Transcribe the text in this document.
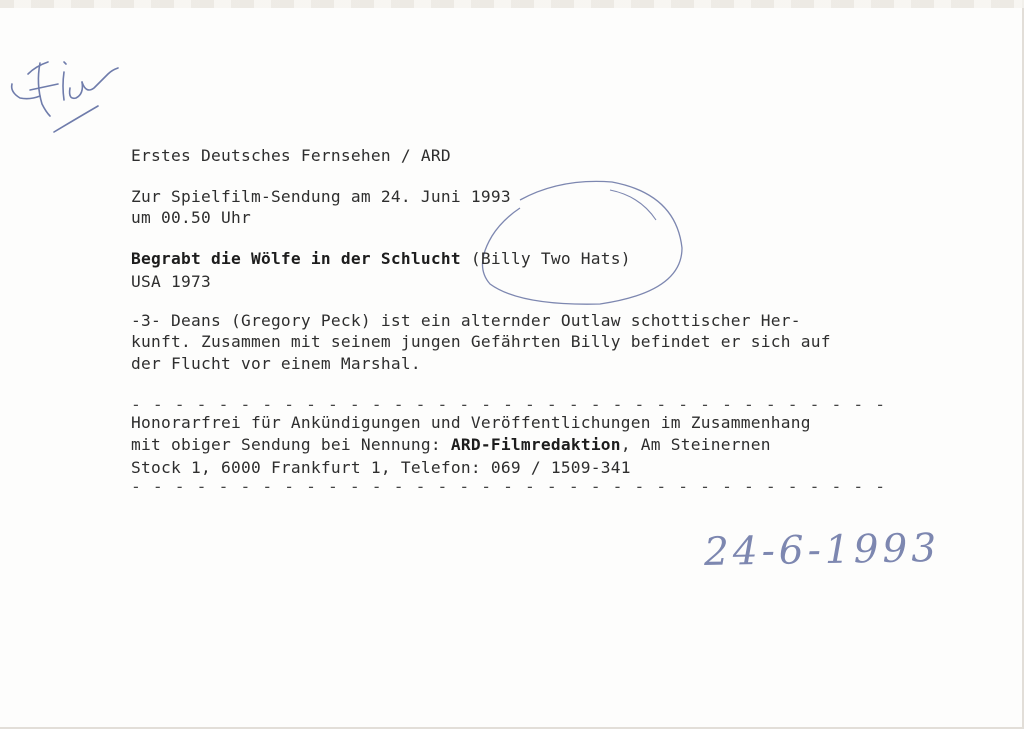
Erstes Deutsches Fernsehen / ARD
Zur Spielfilm-Sendung am 24. Juni 1993
um 00.50 Uhr
Begrabt die Wölfe in der Schlucht (Billy Two Hats)
USA 1973
-3- Deans (Gregory Peck) ist ein alternder Outlaw schottischer Her-
kunft. Zusammen mit seinem jungen Gefährten Billy befindet er sich auf
der Flucht vor einem Marshal.
- - - - - - - - - - - - - - - - - - - - - - - - - - - - - - - - - - -
Honorarfrei für Ankündigungen und Veröffentlichungen im Zusammenhang
mit obiger Sendung bei Nennung: ARD-Filmredaktion, Am Steinernen
Stock 1, 6000 Frankfurt 1, Telefon: 069 / 1509-341
- - - - - - - - - - - - - - - - - - - - - - - - - - - - - - - - - - -
24-6-1993
